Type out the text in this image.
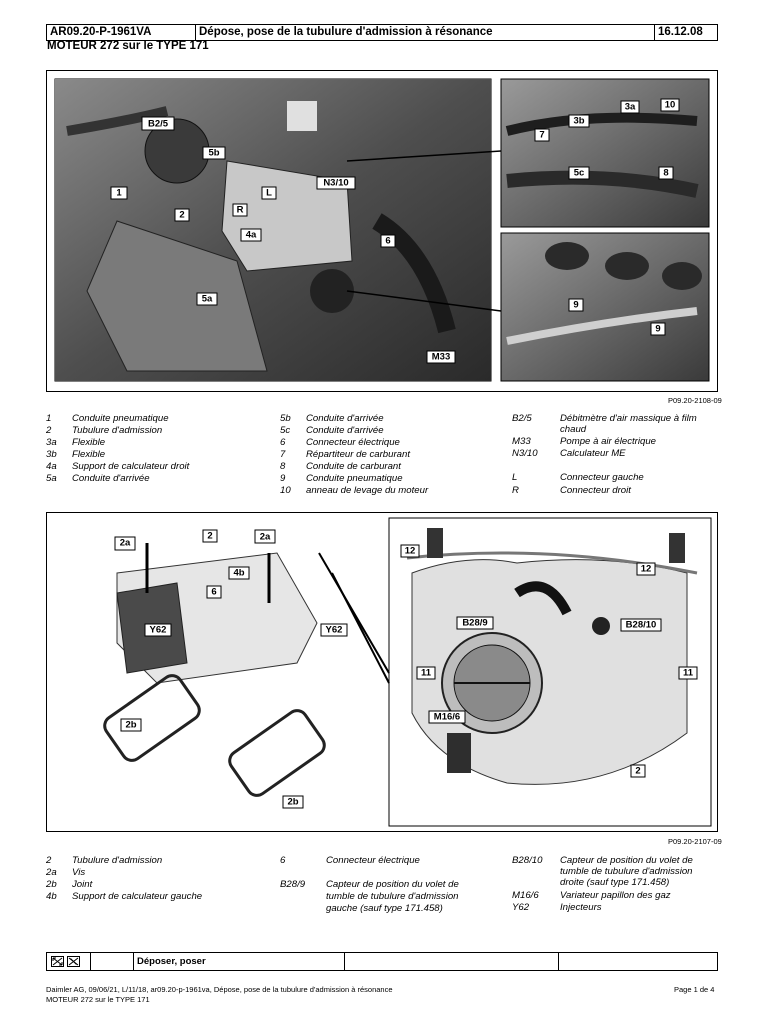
AR09.20-P-1961VA	Dépose, pose de la tubulure d'admission à résonance	16.12.08
MOTEUR 272 sur le TYPE 171
B2/5
5b
1	L
N3/10
R
2
4a
6
5a
M33
3a	10
3b
7
5c	8
9
9
P09.20-2108-09
1 Conduite pneumatique
2 Tubulure d'admission
3a Flexible
3b Flexible
4a Support de calculateur droit
5a Conduite d'arrivée
5b Conduite d'arrivée
5c Conduite d'arrivée
6 Connecteur électrique
7 Répartiteur de carburant
8 Conduite de carburant
9 Conduite pneumatique
10 anneau de levage du moteur
B2/5	Débitmètre d'air massique à film
chaud
M33	Pompe à air électrique
N3/10 Calculateur ME
L	Connecteur gauche
R	Connecteur droit
2a
2	2a
4b
6
Y62	Y62
2b
2b
12
12
B28/9	B28/10
11	11
M16/6
2
P09.20-2107-09
2 Tubulure d'admission
2a Vis
2b Joint
4b Support de calculateur gauche
6	Connecteur électrique
B28/9 Capteur de position du volet de
tumble de tubulure d'admission
gauche (sauf type 171.458)
B28/10 Capteur de position du volet de
tumble de tubulure d'admission
droite (sauf type 171.458)
M16/6 Variateur papillon des gaz
Y62	Injecteurs
Déposer, poser
Daimler AG, 09/06/21, L/11/18, ar09.20-p-1961va, Dépose, pose de la tubulure d'admission à résonance
MOTEUR 272 sur le TYPE 171
Page 1 de 4
